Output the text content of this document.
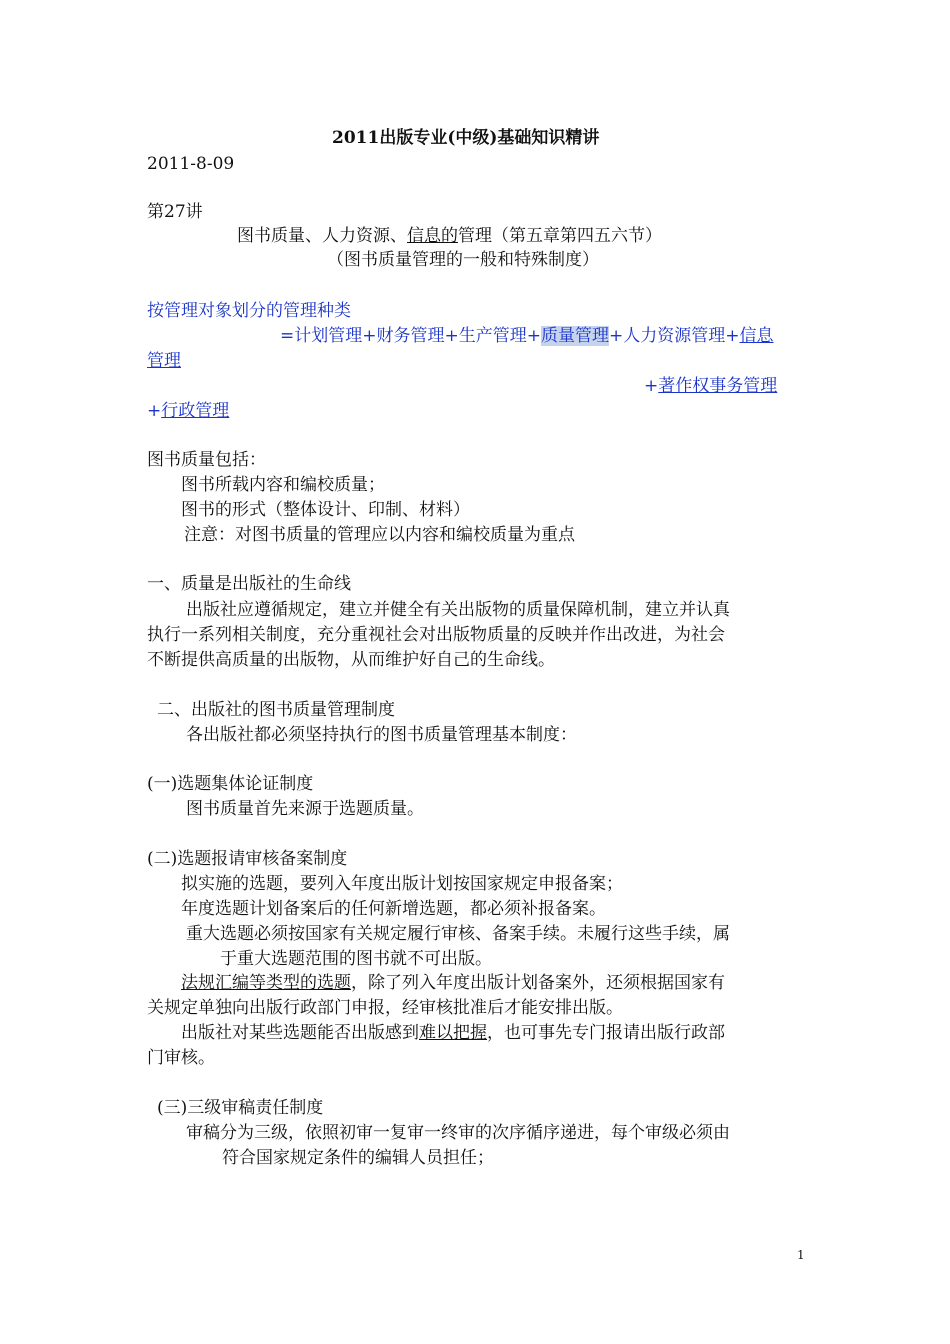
2011出版专业(中级)基础知识精讲
2011-8-09
第27讲
图书质量、人力资源、信息的管理（第五章第四五六节）
（图书质量管理的一般和特殊制度）
按管理对象划分的管理种类
=计划管理+财务管理+生产管理+质量管理+人力资源管理+信息
管理
+著作权事务管理
+行政管理
图书质量包括：
图书所载内容和编校质量；
图书的形式（整体设计、印制、材料）
注意：对图书质量的管理应以内容和编校质量为重点
一、质量是出版社的生命线
出版社应遵循规定，建立并健全有关出版物的质量保障机制，建立并认真
执行一系列相关制度，充分重视社会对出版物质量的反映并作出改进，为社会
不断提供高质量的出版物，从而维护好自己的生命线。
二、出版社的图书质量管理制度
各出版社都必须坚持执行的图书质量管理基本制度：
(一)选题集体论证制度
图书质量首先来源于选题质量。
(二)选题报请审核备案制度
拟实施的选题，要列入年度出版计划按国家规定申报备案；
年度选题计划备案后的任何新增选题，都必须补报备案。
重大选题必须按国家有关规定履行审核、备案手续。未履行这些手续，属
于重大选题范围的图书就不可出版。
法规汇编等类型的选题，除了列入年度出版计划备案外，还须根据国家有
关规定单独向出版行政部门申报，经审核批准后才能安排出版。
出版社对某些选题能否出版感到难以把握，也可事先专门报请出版行政部
门审核。
(三)三级审稿责任制度
审稿分为三级，依照初审一复审一终审的次序循序递进，每个审级必须由
符合国家规定条件的编辑人员担任；
1
